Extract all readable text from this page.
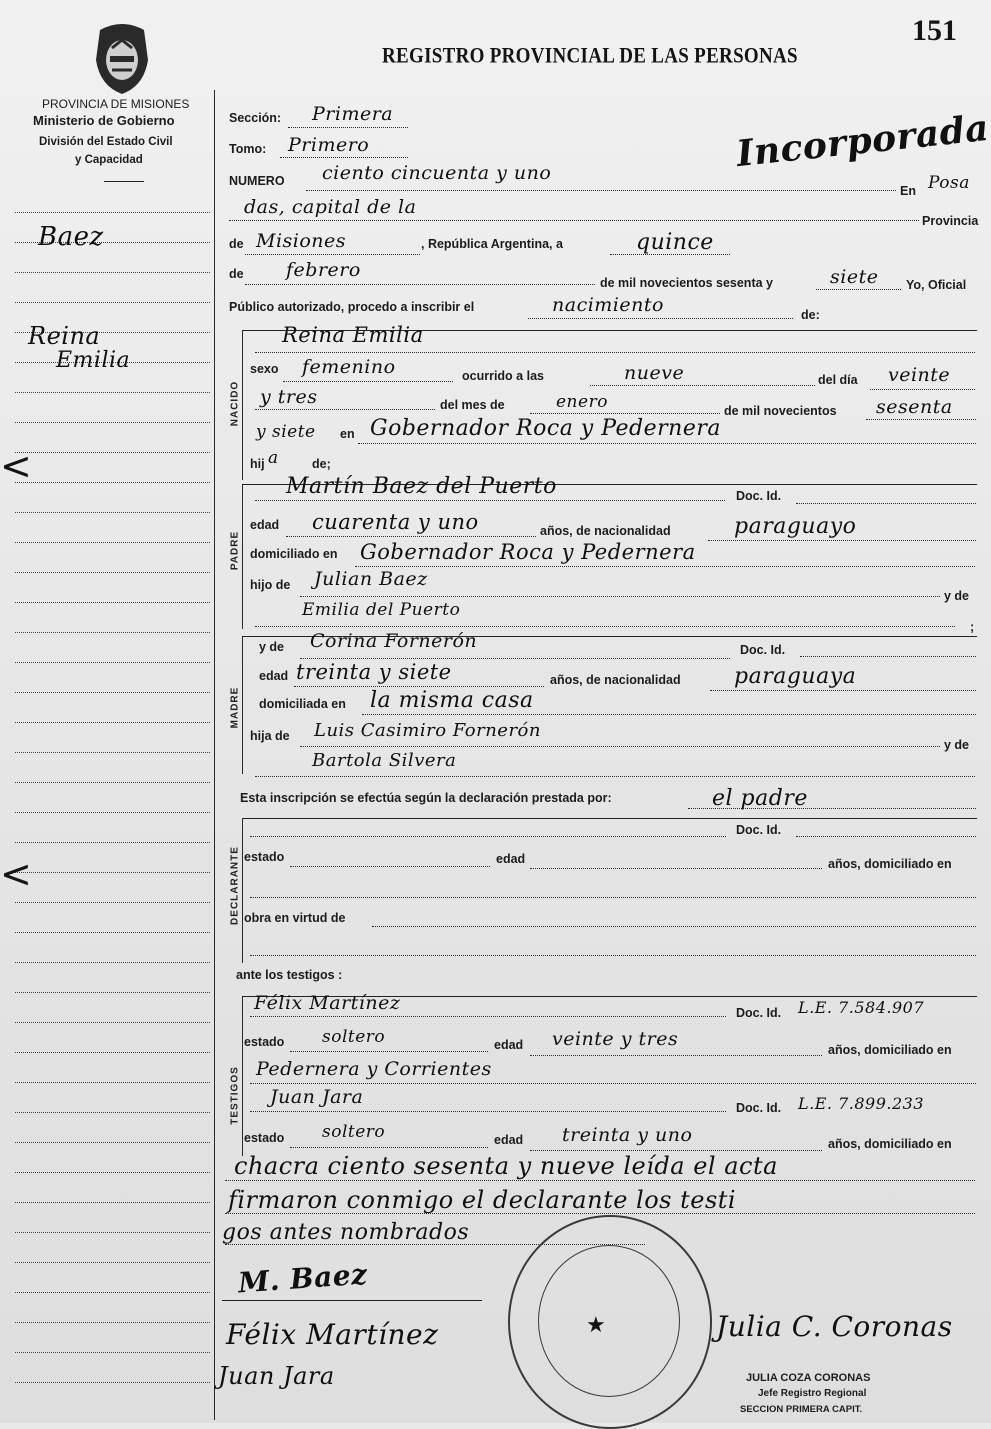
151
REGISTRO PROVINCIAL DE LAS PERSONAS
PROVINCIA DE MISIONES
Ministerio de Gobierno
División del Estado Civil
y Capacidad	Incorporada
Baez
Reina
Emilia
<
<
Sección: Primera
Tomo: Primero
NUMERO ciento cincuenta y uno
En Posa
das, capital de la
Provincia
de Misiones	, República Argentina, a	quince
de febrero
de mil novecientos sesenta y	siete Yo, Oficial
Público autorizado, procedo a inscribir el	nacimiento	de:
NACIDO
Reina Emilia
sexo femenino	ocurrido a las	nueve	del día veinte
y tres	del mes de	enero	de mil novecientos sesenta
y siete en Gobernador Roca y Pedernera
hij a	de;
PADRE
Martín Baez del Puerto	Doc. Id.
edad cuarenta y uno	años, de nacionalidad	paraguayo
domiciliado en Gobernador Roca y Pedernera
hijo de Julian Baez
y de
Emilia del Puerto
;
MADRE
y de Corina Fornerón	Doc. Id.
edad treinta y siete	años, de nacionalidad paraguaya
domiciliada en la misma casa
hija de Luis Casimiro Fornerón
y de
Bartola Silvera
Esta inscripción se efectúa según la declaración prestada por:	el padre
DECLARANTE
Doc. Id.
estado	edad	años, domiciliado en
obra en virtud de
ante los testigos :
TESTIGOS
Félix Martínez	Doc. Id. L.E. 7.584.907
estado soltero	edad veinte y tres	años, domiciliado en
Pedernera y Corrientes
Juan Jara	Doc. Id. L.E. 7.899.233
estado soltero	edad treinta y uno	años, domiciliado en
chacra ciento sesenta y nueve leída el acta
firmaron conmigo el declarante los testi
gos antes nombrados
M. Baez
Félix Martínez
Juan Jara
Julia C. Coronas
★
JULIA COZA CORONAS
Jefe Registro Regional
SECCION PRIMERA CAPIT.
